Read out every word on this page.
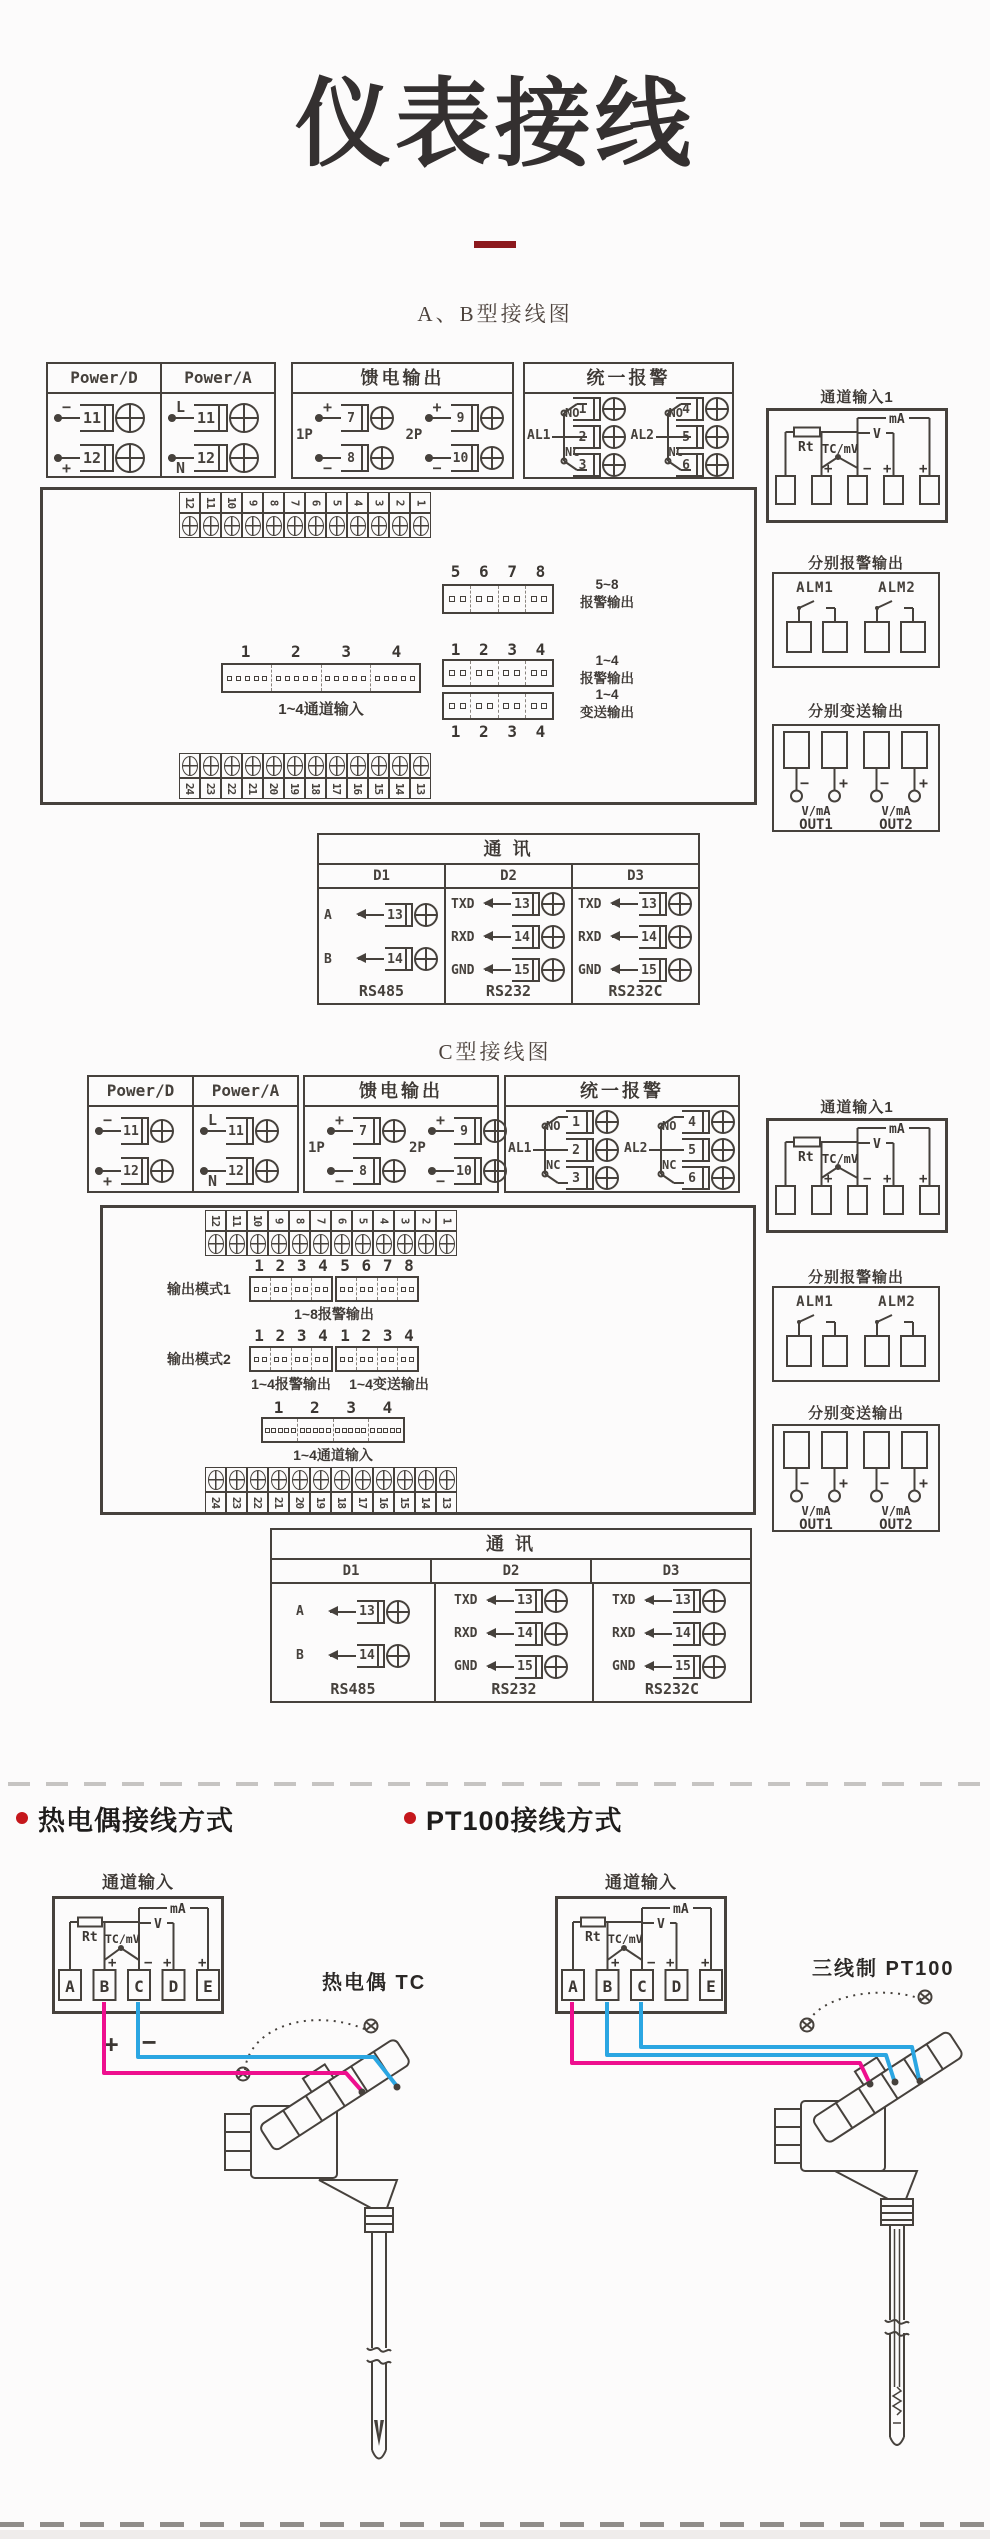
仪表接线
A、B型接线图
Power/D	Power/A
−
11
+
12
L
11
N
12
馈电输出
1P
+
7
−
8
2P
+
9
−
10
统一报警
AL1
NO
NC
1
2
3
AL2
NO
NC
4
5
6
通道输入1
Rt TC/mV
V
mA
+ − + +
12 11 10 9 8 7 6 5 4 3 2 1
5 6 7 8
5~8
报警输出
1 2 3 4
1~4通道输入
1 2 3 4
1~4
报警输出
1~4
变送输出
1 2 3 4
24 23 22 21 20 19 18 17 16 15 14 13
分别报警输出
ALM1	ALM2
分别变送输出
− +
V/mA
OUT1
− +
V/mA
OUT2
通 讯
D1	D2	D3
A	13
B	14
RS485
TXD	13
RXD	14
GND	15
RS232
TXD	13
RXD	14
GND	15
RS232C
C型接线图
Power/D	Power/A
−
11
+
12
L
11
N
12
馈电输出
1P
+
7
−
8
2P
+
9
−
10
统一报警
AL1
NO
NC
1
2
3
AL2
NO
NC
4
5
6
通道输入1
Rt TC/mV
V
mA
+ − + +
分别报警输出
ALM1	ALM2
分别变送输出
− +
V/mA
OUT1
− +
V/mA
OUT2
12 11 10 9 8 7 6 5 4 3 2 1
输出模式1
1 2 3 4 5 6 7 8
1~8报警输出
输出模式2
1 2 3 4 1 2 3 4
1~4报警输出	1~4变送输出
1 2 3 4
1~4通道输入
24 23 22 21 20 19 18 17 16 15 14 13
通 讯
D1	D2	D3
A	13
B	14
RS485
TXD	13
RXD	14
GND	15
RS232
TXD	13
RXD	14
GND	15
RS232C
热电偶接线方式	PT100接线方式
通道输入	通道输入
A B C D E
Rt TC/mV
V
mA
+ − + +
A B C D E
Rt TC/mV
V
mA
+ − + +
+ −
热电偶 TC
三线制 PT100
